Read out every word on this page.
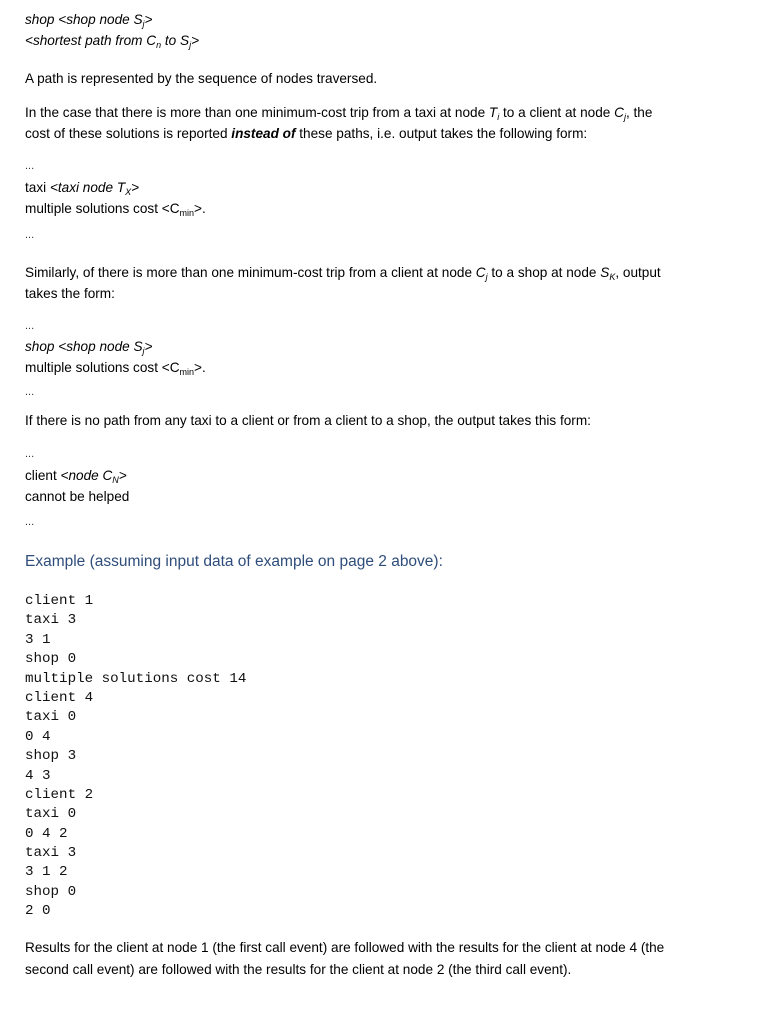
shop <shop node $S_j>$
<shortest path from $C_n$ to $S_j>$
A path is represented by the sequence of nodes traversed.
In the case that there is more than one minimum-cost trip from a taxi at node $T_i$ to a client at node $C_j$, the
cost of these solutions is reported instead of these paths, i.e. output takes the following form:
...
taxi <taxi node $T_X>$
multiple solutions $\cos t <C_{min}>$.
...
Similarly, of there is more than one minimum-cost trip from a client at node $C_j$ to a shop at node $S_K$, output
takes the form:
...
shop <shop node $S_j>$
multiple solutions $\cos t <C_{min}>$.
...
If there is no path from any taxi to a client or from a client to a shop, the output takes this form:
...
client <node $C_N>$
cannot be helped
...
Example (assuming input data of example on page 2 above):
client 1
taxi 3
3 1
shop 0
multiple solutions cost 14
client 4
taxi 0
0 4
shop 3
4 3
client 2
taxi 0
0 4 2
taxi 3
3 1 2
shop 0
2 0
Results for the client at node 1 (the first call event) are followed with the results for the client at node 4 (the
second call event) are followed with the results for the client at node 2 (the third call event).
